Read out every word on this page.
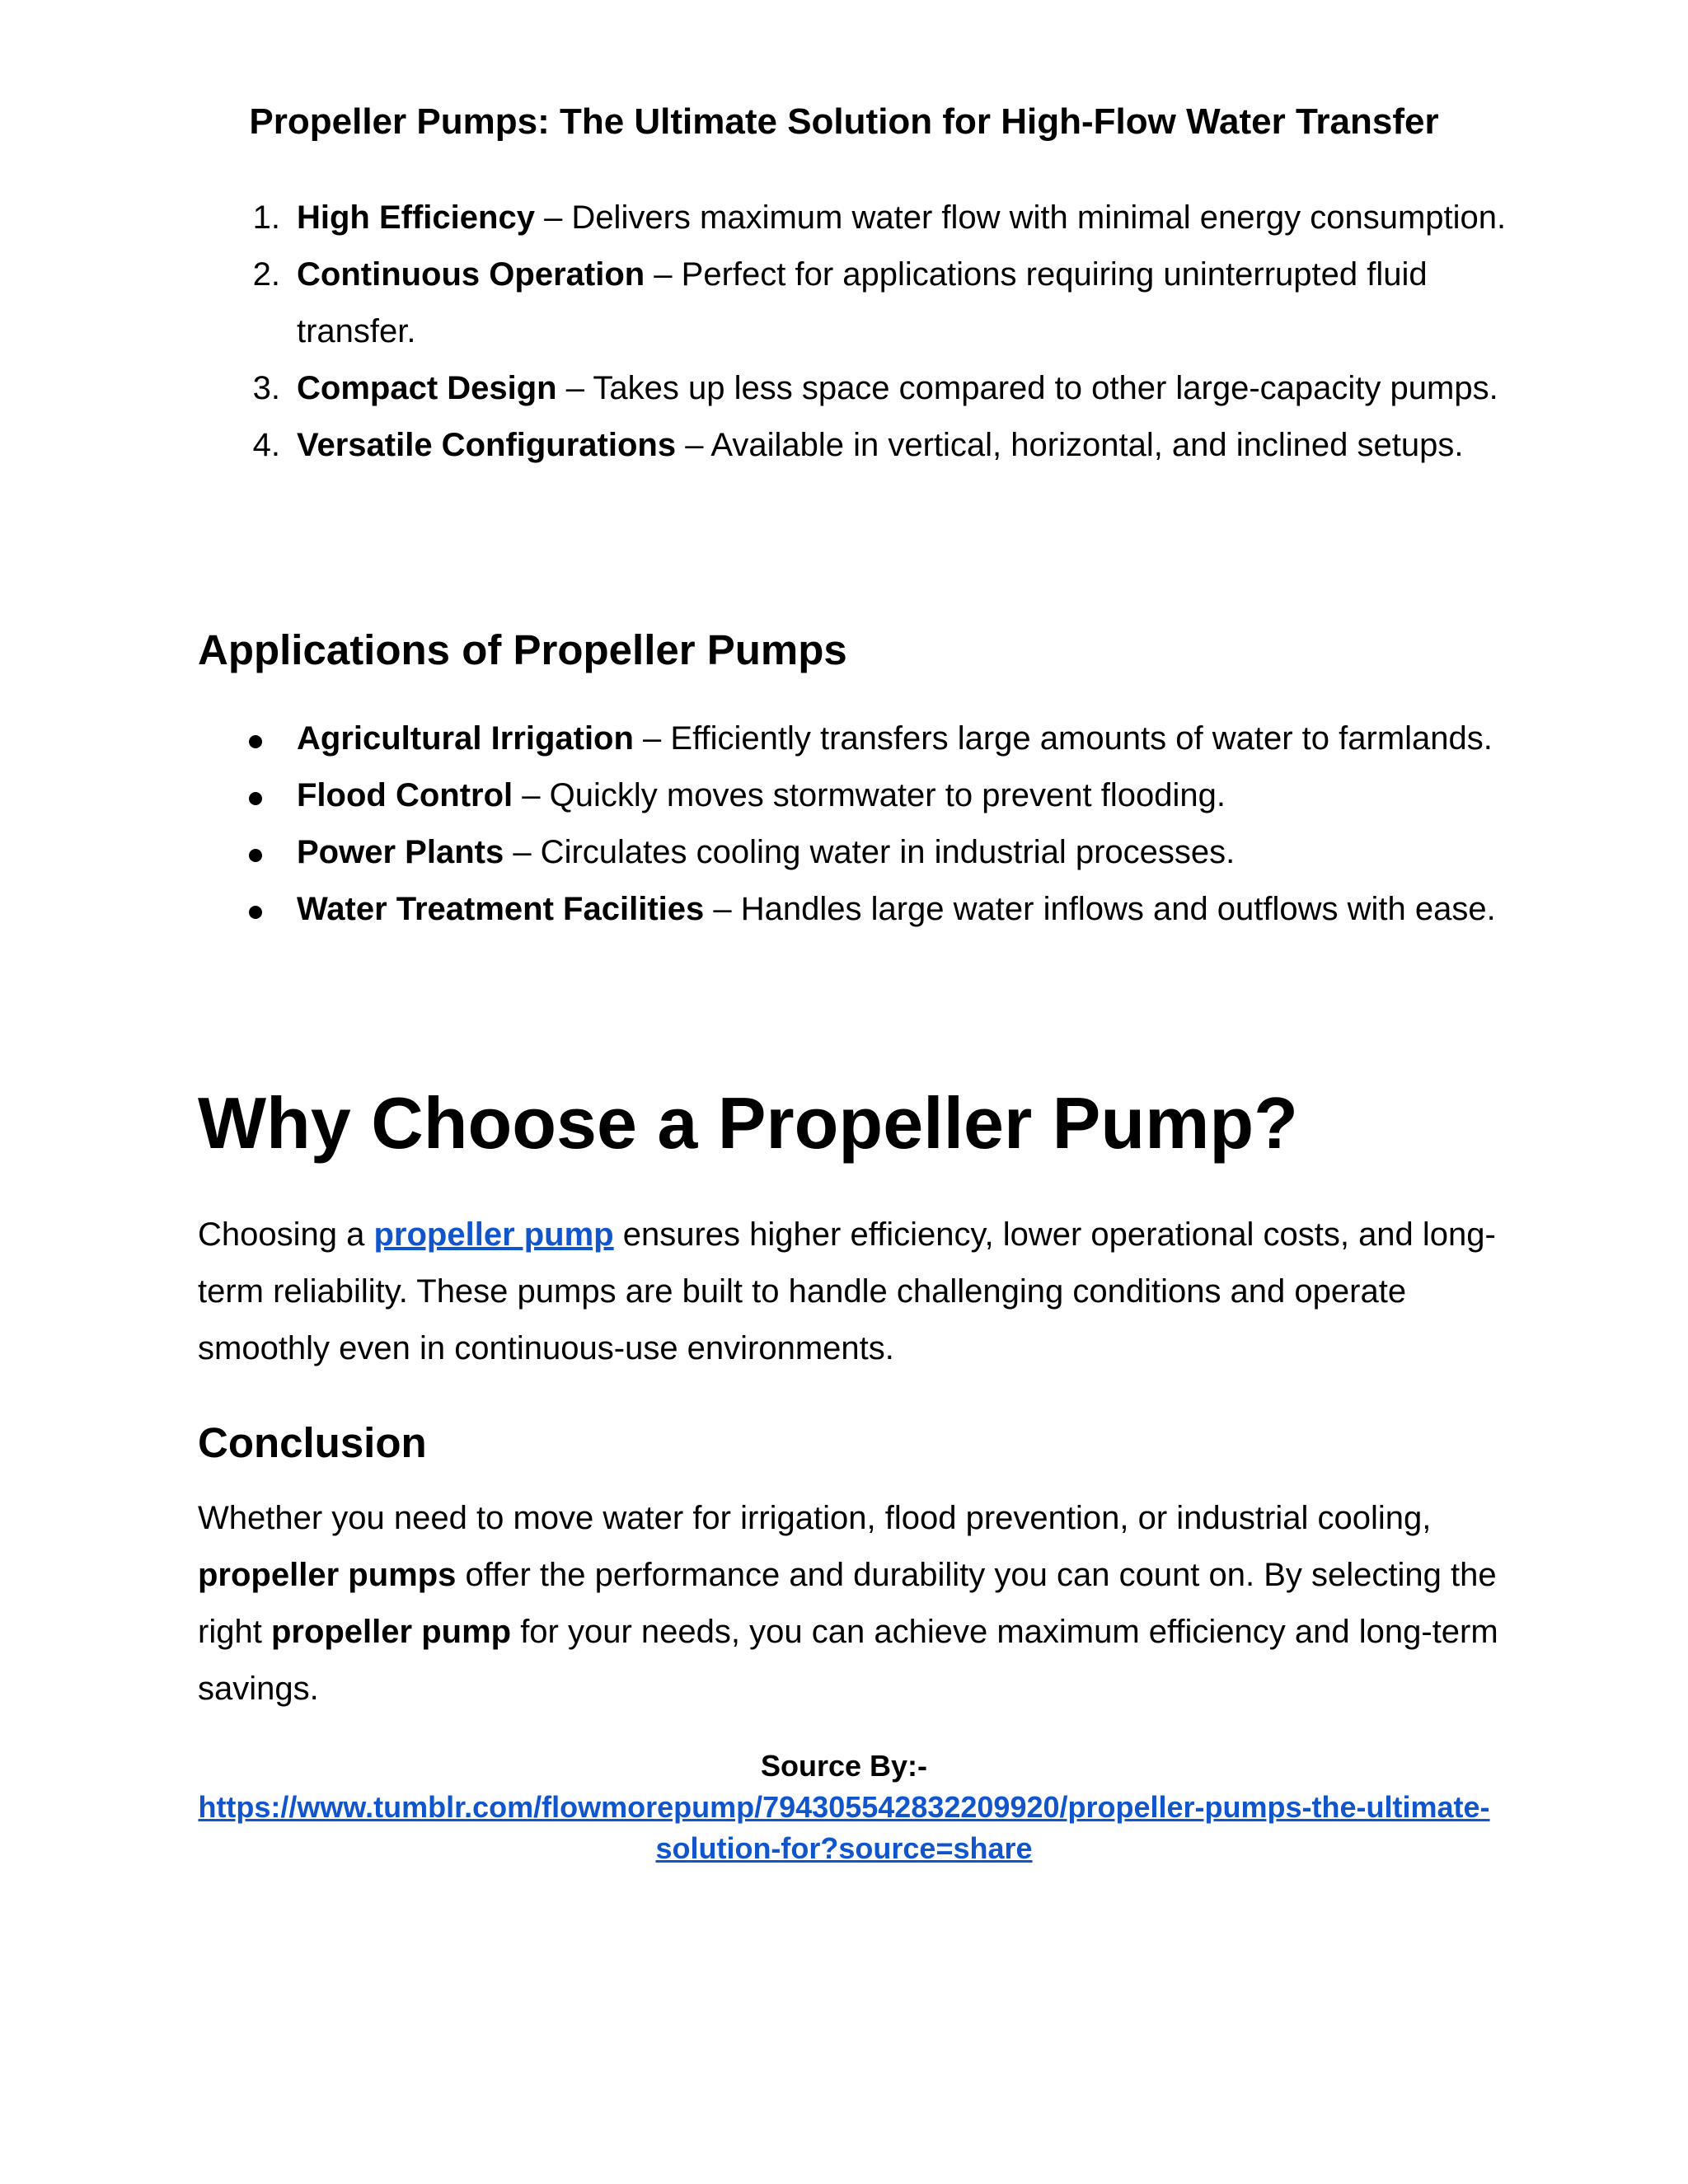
Propeller Pumps: The Ultimate Solution for High-Flow Water Transfer
1. High Efficiency – Delivers maximum water flow with minimal energy consumption.
2. Continuous Operation – Perfect for applications requiring uninterrupted fluid transfer.
3. Compact Design – Takes up less space compared to other large-capacity pumps.
4. Versatile Configurations – Available in vertical, horizontal, and inclined setups.
Applications of Propeller Pumps
Agricultural Irrigation – Efficiently transfers large amounts of water to farmlands.
Flood Control – Quickly moves stormwater to prevent flooding.
Power Plants – Circulates cooling water in industrial processes.
Water Treatment Facilities – Handles large water inflows and outflows with ease.
Why Choose a Propeller Pump?

Choosing a propeller pump ensures higher efficiency, lower operational costs, and long-term reliability. These pumps are built to handle challenging conditions and operate smoothly even in continuous-use environments.

Conclusion

Whether you need to move water for irrigation, flood prevention, or industrial cooling, propeller pumps offer the performance and durability you can count on. By selecting the right propeller pump for your needs, you can achieve maximum efficiency and long-term savings.

Source By:-
https://www.tumblr.com/flowmorepump/794305542832209920/propeller-pumps-the-ultimate-solution-for?source=share
